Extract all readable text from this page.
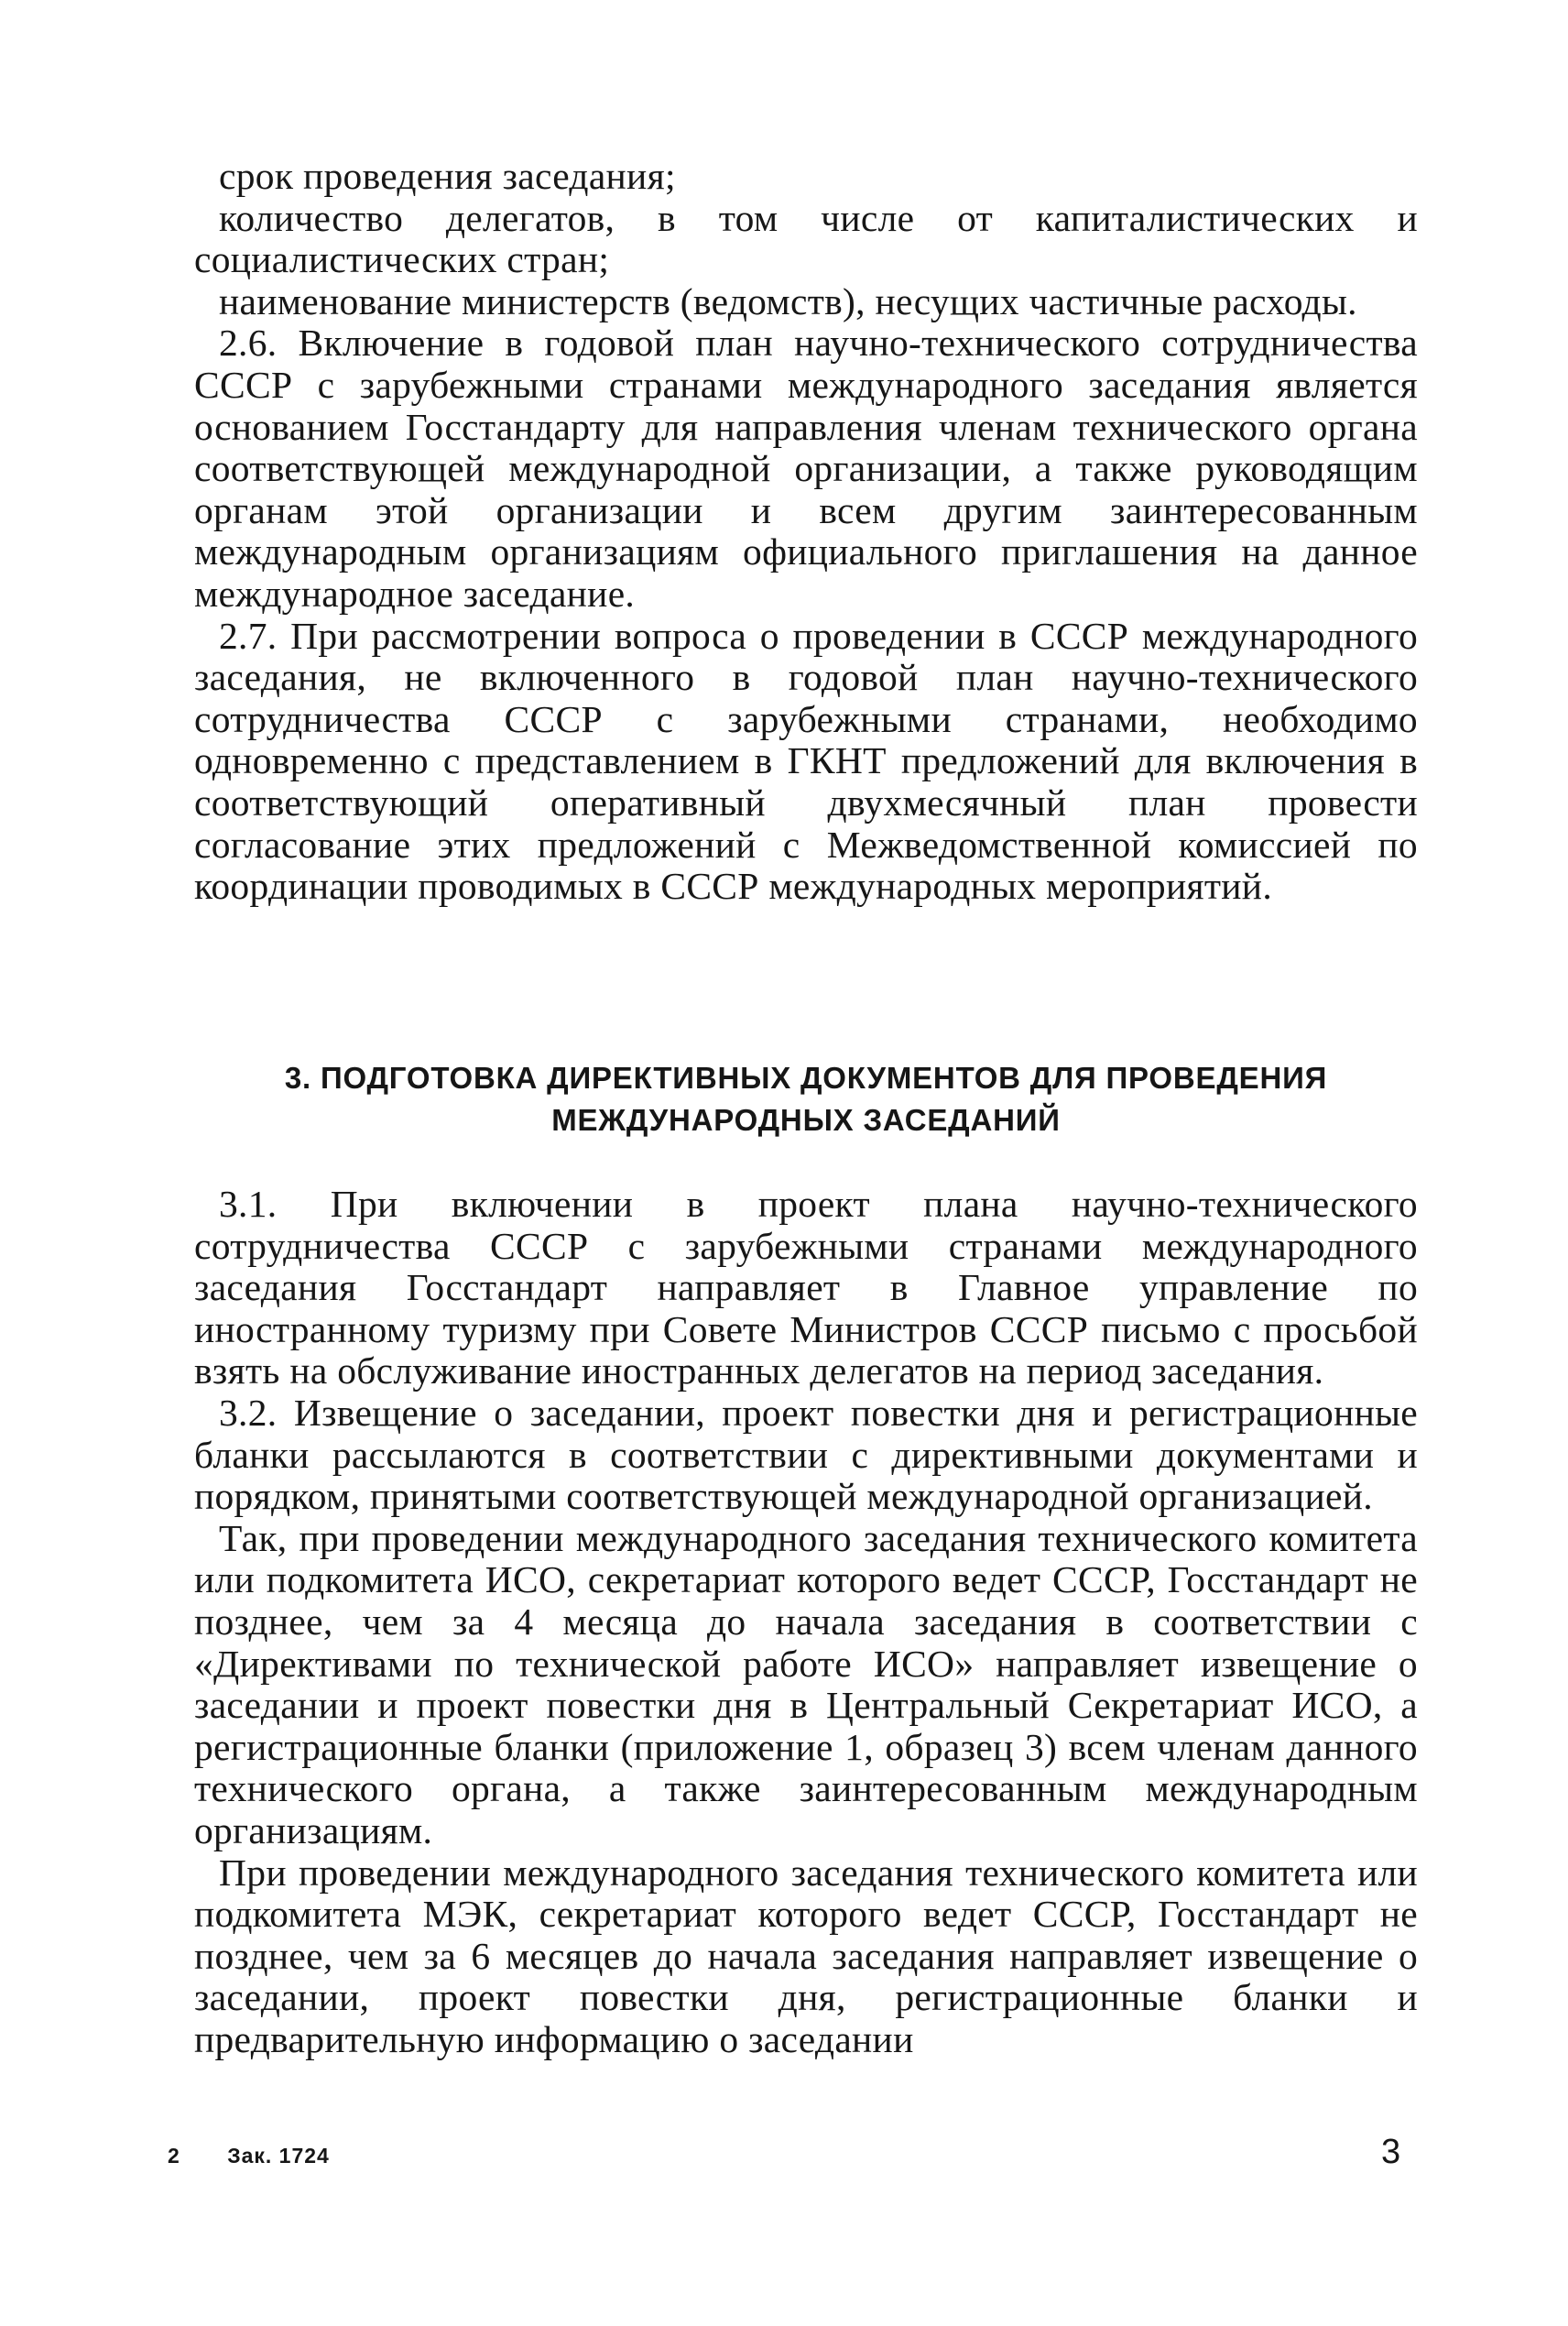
срок проведения заседания;

количество делегатов, в том числе от капиталистических и социалистических стран;

наименование министерств (ведомств), несущих частичные расходы.

2.6. Включение в годовой план научно-технического сотрудничества СССР с зарубежными странами международного заседания является основанием Госстандарту для направления членам технического органа соответствующей международной организации, а также руководящим органам этой организации и всем другим заинтересованным международным организациям официального приглашения на данное международное заседание.

2.7. При рассмотрении вопроса о проведении в СССР международного заседания, не включенного в годовой план научно-технического сотрудничества СССР с зарубежными странами, необходимо одновременно с представлением в ГКНТ предложений для включения в соответствующий оперативный двухмесячный план провести согласование этих предложений с Межведомственной комиссией по координации проводимых в СССР международных мероприятий.

3. ПОДГОТОВКА ДИРЕКТИВНЫХ ДОКУМЕНТОВ ДЛЯ ПРОВЕДЕНИЯ
МЕЖДУНАРОДНЫХ ЗАСЕДАНИЙ

3.1. При включении в проект плана научно-технического сотрудничества СССР с зарубежными странами международного заседания Госстандарт направляет в Главное управление по иностранному туризму при Совете Министров СССР письмо с просьбой взять на обслуживание иностранных делегатов на период заседания.

3.2. Извещение о заседании, проект повестки дня и регистрационные бланки рассылаются в соответствии с директивными документами и порядком, принятыми соответствующей международной организацией.

Так, при проведении международного заседания технического комитета или подкомитета ИСО, секретариат которого ведет СССР, Госстандарт не позднее, чем за 4 месяца до начала заседания в соответствии с «Директивами по технической работе ИСО» направляет извещение о заседании и проект повестки дня в Центральный Секретариат ИСО, а регистрационные бланки (приложение 1, образец 3) всем членам данного технического органа, а также заинтересованным международным организациям.

При проведении международного заседания технического комитета или подкомитета МЭК, секретариат которого ведет СССР, Госстандарт не позднее, чем за 6 месяцев до начала заседания направляет извещение о заседании, проект повестки дня, регистрационные бланки и предварительную информацию о заседании

2 Зак. 1724	3
